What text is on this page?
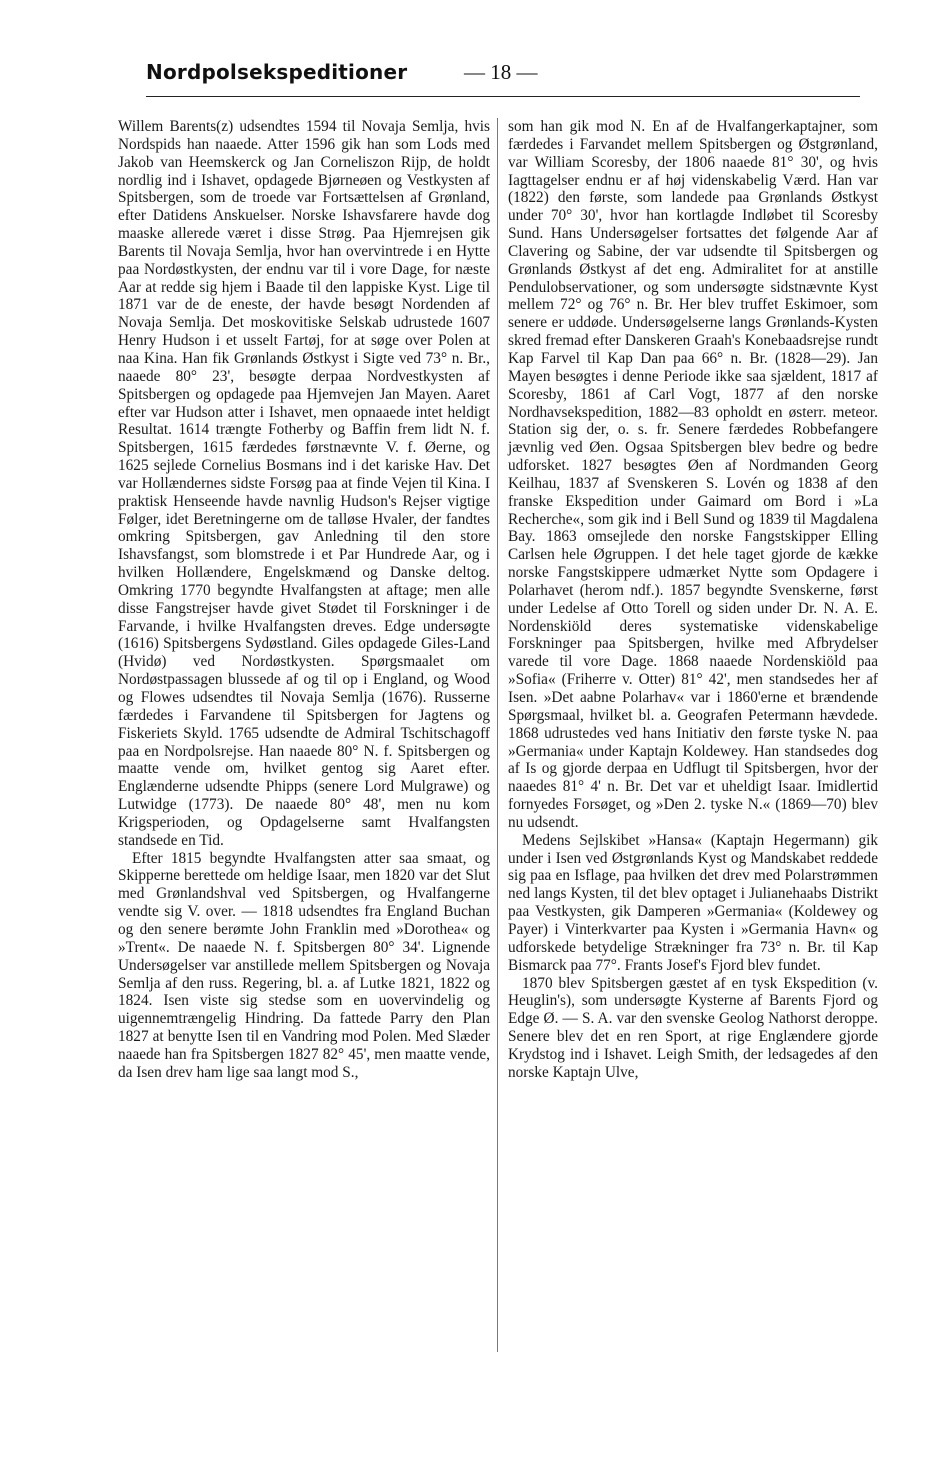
Nordpolsekspeditioner	— 18 —

Willem Barents(z) udsendtes 1594 til Novaja Semlja, hvis Nordspids han naaede. Atter 1596 gik han som Lods med Jakob van Heemskerck og Jan Corneliszon Rijp, de holdt nordlig ind i Ishavet, opdagede Bjørneøen og Vestkysten af Spitsbergen, som de troede var Fortsættelsen af Grønland, efter Datidens Anskuelser. Norske Ishavsfarere havde dog maaske allerede været i disse Strøg. Paa Hjemrejsen gik Barents til Novaja Semlja, hvor han overvintrede i en Hytte paa Nordøstkysten, der endnu var til i vore Dage, for næste Aar at redde sig hjem i Baade til den lappiske Kyst. Lige til 1871 var de de eneste, der havde besøgt Nordenden af Novaja Semlja. Det moskovitiske Selskab udrustede 1607 Henry Hudson i et usselt Fartøj, for at søge over Polen at naa Kina. Han fik Grønlands Østkyst i Sigte ved 73° n. Br., naaede 80° 23', besøgte derpaa Nordvestkysten af Spitsbergen og opdagede paa Hjemvejen Jan Mayen. Aaret efter var Hudson atter i Ishavet, men opnaaede intet heldigt Resultat. 1614 trængte Fotherby og Baffin frem lidt N. f. Spitsbergen, 1615 færdedes førstnævnte V. f. Øerne, og 1625 sejlede Cornelius Bosmans ind i det kariske Hav. Det var Hollændernes sidste Forsøg paa at finde Vejen til Kina. I praktisk Henseende havde navnlig Hudson's Rejser vigtige Følger, idet Beretningerne om de talløse Hvaler, der fandtes omkring Spitsbergen, gav Anledning til den store Ishavsfangst, som blomstrede i et Par Hundrede Aar, og i hvilken Hollændere, Engelskmænd og Danske deltog. Omkring 1770 begyndte Hvalfangsten at aftage; men alle disse Fangstrejser havde givet Stødet til Forskninger i de Farvande, i hvilke Hvalfangsten dreves. Edge undersøgte (1616) Spitsbergens Sydøstland. Giles opdagede Giles-Land (Hvidø) ved Nordøstkysten. Spørgsmaalet om Nordøstpassagen blussede af og til op i England, og Wood og Flowes udsendtes til Novaja Semlja (1676). Russerne færdedes i Farvandene til Spitsbergen for Jagtens og Fiskeriets Skyld. 1765 udsendte de Admiral Tschitschagoff paa en Nordpolsrejse. Han naaede 80° N. f. Spitsbergen og maatte vende om, hvilket gentog sig Aaret efter. Englænderne udsendte Phipps (senere Lord Mulgrawe) og Lutwidge (1773). De naaede 80° 48', men nu kom Krigsperioden, og Opdagelserne samt Hvalfangsten standsede en Tid.

Efter 1815 begyndte Hvalfangsten atter saa smaat, og Skipperne berettede om heldige Isaar, men 1820 var det Slut med Grønlandshval ved Spitsbergen, og Hvalfangerne vendte sig V. over. — 1818 udsendtes fra England Buchan og den senere berømte John Franklin med »Dorothea« og »Trent«. De naaede N. f. Spitsbergen 80° 34'. Lignende Undersøgelser var anstillede mellem Spitsbergen og Novaja Semlja af den russ. Regering, bl. a. af Lutke 1821, 1822 og 1824. Isen viste sig stedse som en uovervindelig og uigennemtrængelig Hindring. Da fattede Parry den Plan 1827 at benytte Isen til en Vandring mod Polen. Med Slæder naaede han fra Spitsbergen 1827 82° 45', men maatte vende, da Isen drev ham lige saa langt mod S.,

som han gik mod N. En af de Hvalfangerkaptajner, som færdedes i Farvandet mellem Spitsbergen og Østgrønland, var William Scoresby, der 1806 naaede 81° 30', og hvis Iagttagelser endnu er af høj videnskabelig Værd. Han var (1822) den første, som landede paa Grønlands Østkyst under 70° 30', hvor han kortlagde Indløbet til Scoresby Sund. Hans Undersøgelser fortsattes det følgende Aar af Clavering og Sabine, der var udsendte til Spitsbergen og Grønlands Østkyst af det eng. Admiralitet for at anstille Pendulobservationer, og som undersøgte sidstnævnte Kyst mellem 72° og 76° n. Br. Her blev truffet Eskimoer, som senere er uddøde. Undersøgelserne langs Grønlands-Kysten skred fremad efter Danskeren Graah's Konebaadsrejse rundt Kap Farvel til Kap Dan paa 66° n. Br. (1828—29). Jan Mayen besøgtes i denne Periode ikke saa sjældent, 1817 af Scoresby, 1861 af Carl Vogt, 1877 af den norske Nordhavsekspedition, 1882—83 opholdt en østerr. meteor. Station sig der, o. s. fr. Senere færdedes Robbefangere jævnlig ved Øen. Ogsaa Spitsbergen blev bedre og bedre udforsket. 1827 besøgtes Øen af Nordmanden Georg Keilhau, 1837 af Svenskeren S. Lovén og 1838 af den franske Ekspedition under Gaimard om Bord i »La Recherche«, som gik ind i Bell Sund og 1839 til Magdalena Bay. 1863 omsejlede den norske Fangstskipper Elling Carlsen hele Øgruppen. I det hele taget gjorde de kække norske Fangstskippere udmærket Nytte som Opdagere i Polarhavet (herom ndf.). 1857 begyndte Svenskerne, først under Ledelse af Otto Torell og siden under Dr. N. A. E. Nordenskiöld deres systematiske videnskabelige Forskninger paa Spitsbergen, hvilke med Afbrydelser varede til vore Dage. 1868 naaede Nordenskiöld paa »Sofia« (Friherre v. Otter) 81° 42', men standsedes her af Isen. »Det aabne Polarhav« var i 1860'erne et brændende Spørgsmaal, hvilket bl. a. Geografen Petermann hævdede. 1868 udrustedes ved hans Initiativ den første tyske N. paa »Germania« under Kaptajn Koldewey. Han standsedes dog af Is og gjorde derpaa en Udflugt til Spitsbergen, hvor der naaedes 81° 4' n. Br. Det var et uheldigt Isaar. Imidlertid fornyedes Forsøget, og »Den 2. tyske N.« (1869—70) blev nu udsendt.

Medens Sejlskibet »Hansa« (Kaptajn Hegermann) gik under i Isen ved Østgrønlands Kyst og Mandskabet reddede sig paa en Isflage, paa hvilken det drev med Polarstrømmen ned langs Kysten, til det blev optaget i Julianehaabs Distrikt paa Vestkysten, gik Damperen »Germania« (Koldewey og Payer) i Vinterkvarter paa Kysten i »Germania Havn« og udforskede betydelige Strækninger fra 73° n. Br. til Kap Bismarck paa 77°. Frants Josef's Fjord blev fundet.

1870 blev Spitsbergen gæstet af en tysk Ekspedition (v. Heuglin's), som undersøgte Kysterne af Barents Fjord og Edge Ø. — S. A. var den svenske Geolog Nathorst deroppe. Senere blev det en ren Sport, at rige Englændere gjorde Krydstog ind i Ishavet. Leigh Smith, der ledsagedes af den norske Kaptajn Ulve,
